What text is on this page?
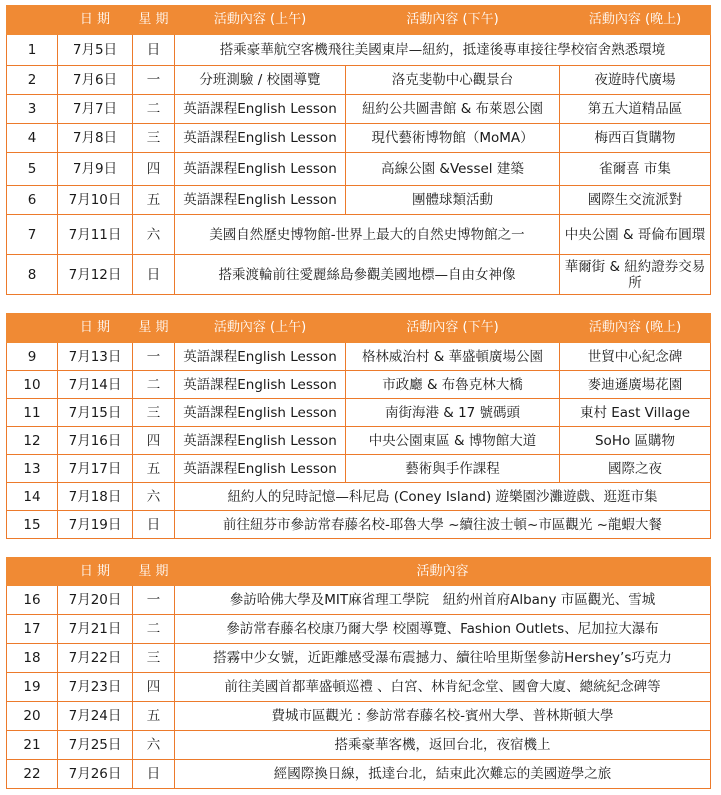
	日 期	星 期	活動內容 (上午)	活動內容 (下午)	活動內容 (晚上)
1	7月5日	日	搭乘豪華航空客機飛往美國東岸—紐約，抵達後專車接往學校宿舍熟悉環境		
2	7月6日	一	分班測驗 / 校園導覽	洛克斐勒中心觀景台	夜遊時代廣場
3	7月7日	二	英語課程English Lesson	紐約公共圖書館 & 布萊恩公園	第五大道精品區
4	7月8日	三	英語課程English Lesson	現代藝術博物館（MoMA）	梅西百貨購物
5	7月9日	四	英語課程English Lesson	高線公園 &Vessel 建築	雀爾喜 市集
6	7月10日	五	英語課程English Lesson	團體球類活動	國際生交流派對
7	7月11日	六	美國自然歷史博物館-世界上最大的自然史博物館之一		中央公園 & 哥倫布圓環
8	7月12日	日	搭乘渡輪前往愛麗絲島參觀美國地標—自由女神像		華爾街 & 紐約證券交易所
	日 期	星 期	活動內容 (上午)	活動內容 (下午)	活動內容 (晚上)
9	7月13日	一	英語課程English Lesson	格林威治村 & 華盛頓廣場公園	世貿中心紀念碑
10	7月14日	二	英語課程English Lesson	市政廳 & 布魯克林大橋	麥迪遜廣場花園
11	7月15日	三	英語課程English Lesson	南街海港 & 17 號碼頭	東村 East Village
12	7月16日	四	英語課程English Lesson	中央公園東區 & 博物館大道	SoHo 區購物
13	7月17日	五	英語課程English Lesson	藝術與手作課程	國際之夜
14	7月18日	六	紐約人的兒時記憶—科尼島 (Coney Island) 遊樂園沙灘遊戲、逛逛市集		
15	7月19日	日	前往紐芬市參訪常春藤名校-耶魯大學 ~續往波士頓~市區觀光 ~龍蝦大餐		
	日 期	星 期	活動內容
16	7月20日	一	參訪哈佛大學及MIT麻省理工學院　紐約州首府Albany 市區觀光、雪城
17	7月21日	二	參訪常春藤名校康乃爾大學 校園導覽、Fashion Outlets、尼加拉大瀑布
18	7月22日	三	搭霧中少女號，近距離感受瀑布震撼力、續往哈里斯堡參訪Hershey’s巧克力
19	7月23日	四	前往美國首都華盛頓巡禮 、白宮、林肯紀念堂、國會大廈、總統紀念碑等
20	7月24日	五	費城市區觀光 : 參訪常春藤名校-賓州大學、普林斯頓大學
21	7月25日	六	搭乘豪華客機，返回台北，夜宿機上
22	7月26日	日	經國際換日線，抵達台北，結束此次難忘的美國遊學之旅
